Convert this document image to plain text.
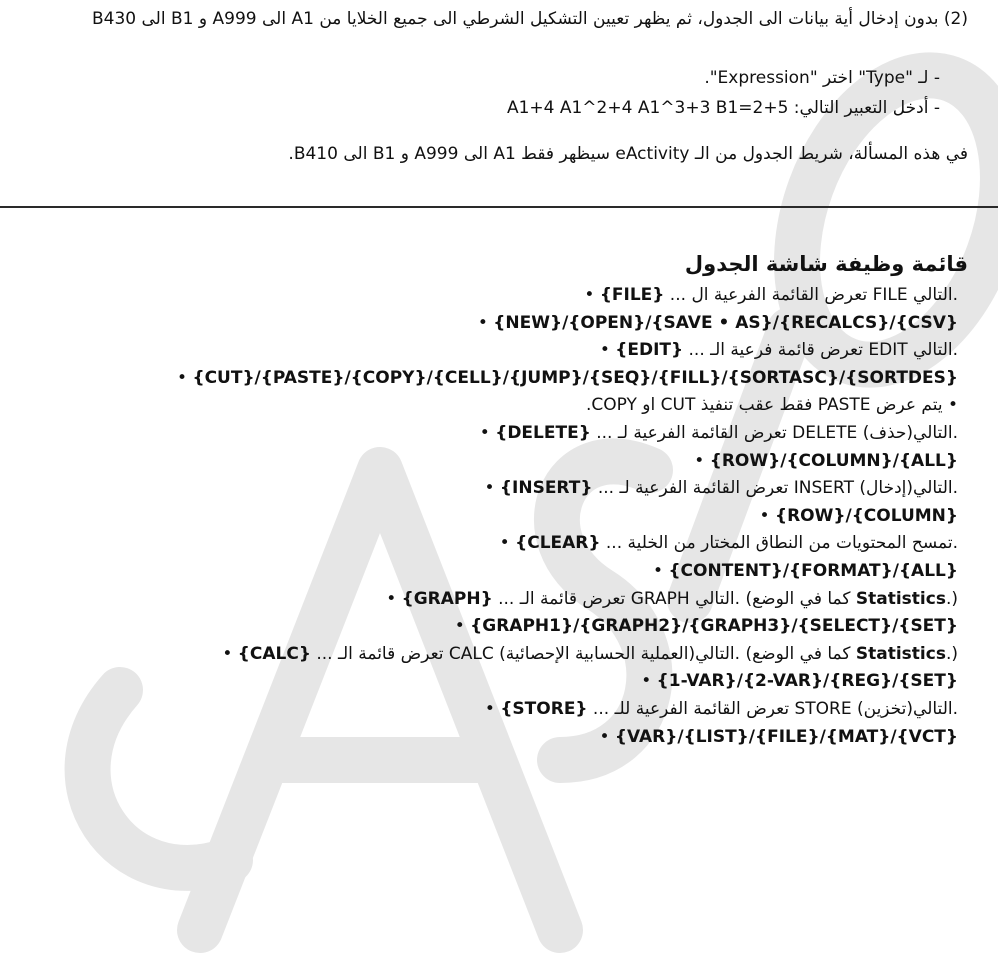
(2) بدون إدخال أية بيانات الى الجدول، ثم يظهر تعيين التشكيل الشرطي الى جميع الخلايا من A1 الى A999 و B1 الى B430
- لـ "Type" اختر "Expression".
- أدخل التعبير التالي: 5+A1+4 A1^2+4 A1^3+3 B1=2
في هذه المسألة، شريط الجدول من الـ eActivity سيظهر فقط A1 الى A999 و B1 الى B410.
قائمة وظيفة شاشة الجدول
• {FILE} ... تعرض القائمة الفرعية ال FILE التالي.
• {NEW}/{OPEN}/{SAVE • AS}/{RECALCS}/{CSV}
• {EDIT} ... تعرض قائمة فرعية الـ EDIT التالي.
• {CUT}/{PASTE}/{COPY}/{CELL}/{JUMP}/{SEQ}/{FILL}/{SORTASC}/{SORTDES}
• يتم عرض PASTE فقط عقب تنفيذ CUT او COPY.
• {DELETE} ... تعرض القائمة الفرعية لـ DELETE (حذف)التالي.
• {ROW}/{COLUMN}/{ALL}
• {INSERT} ... تعرض القائمة الفرعية لـ INSERT (إدخال)التالي.
• {ROW}/{COLUMN}
• {CLEAR} ... تمسح المحتويات من النطاق المختار من الخلية.
• {CONTENT}/{FORMAT}/{ALL}
• {GRAPH} ... تعرض قائمة الـ GRAPH التالي. (كما في الوضع Statistics.)
• {GRAPH1}/{GRAPH2}/{GRAPH3}/{SELECT}/{SET}
• {CALC} ... تعرض قائمة الـ CALC (العملية الحسابية الإحصائية)التالي. (كما في الوضع Statistics.)
• {1-VAR}/{2-VAR}/{REG}/{SET}
• {STORE} ... تعرض القائمة الفرعية للـ STORE (تخزين)التالي.
• {VAR}/{LIST}/{FILE}/{MAT}/{VCT}
